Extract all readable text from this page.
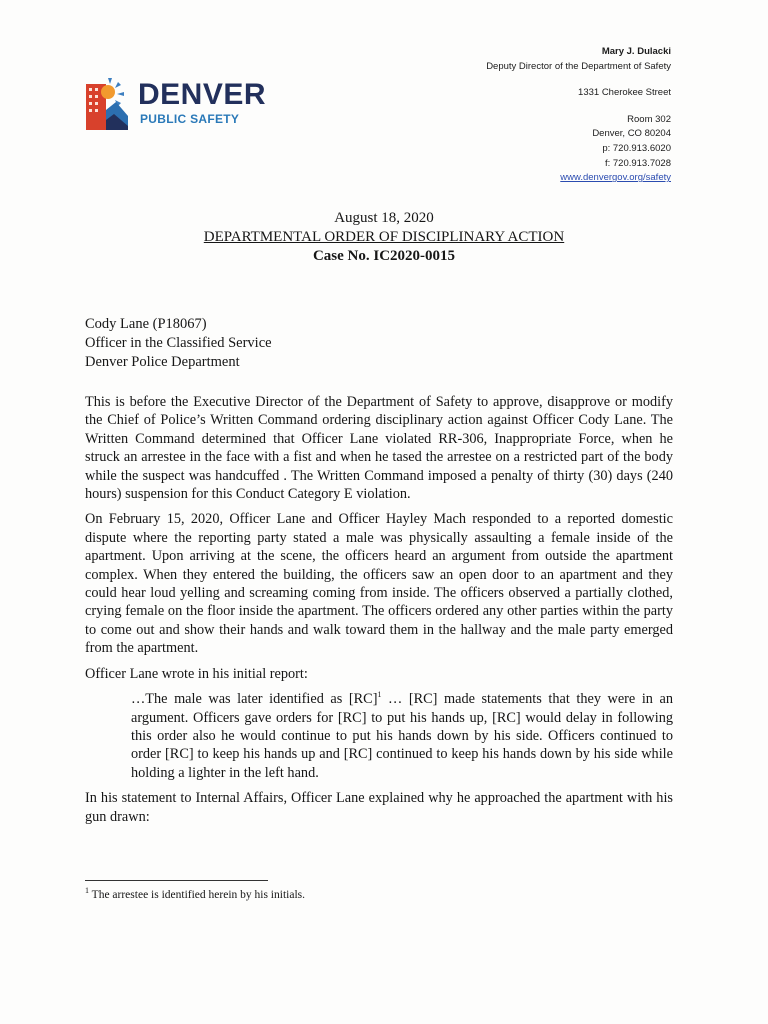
DENVER
PUBLIC SAFETY
Mary J. Dulacki
Deputy Director of the Department of Safety
1331 Cherokee Street
Room 302
Denver, CO 80204
p: 720.913.6020
f: 720.913.7028
www.denvergov.org/safety
August 18, 2020
DEPARTMENTAL ORDER OF DISCIPLINARY ACTION
Case No. IC2020-0015
Cody Lane (P18067)
Officer in the Classified Service
Denver Police Department

This is before the Executive Director of the Department of Safety to approve, disapprove or modify the Chief of Police’s Written Command ordering disciplinary action against Officer Cody Lane. The Written Command determined that Officer Lane violated RR-306, Inappropriate Force, when he struck an arrestee in the face with a fist and when he tased the arrestee on a restricted part of the body while the suspect was handcuffed . The Written Command imposed a penalty of thirty (30) days (240 hours) suspension for this Conduct Category E violation.

On February 15, 2020, Officer Lane and Officer Hayley Mach responded to a reported domestic dispute where the reporting party stated a male was physically assaulting a female inside of the apartment. Upon arriving at the scene, the officers heard an argument from outside the apartment complex. When they entered the building, the officers saw an open door to an apartment and they could hear loud yelling and screaming coming from inside. The officers observed a partially clothed, crying female on the floor inside the apartment. The officers ordered any other parties within the party to come out and show their hands and walk toward them in the hallway and the male party emerged from the apartment.

Officer Lane wrote in his initial report:

…The male was later identified as [RC]$^1$ … [RC] made statements that they were in an argument. Officers gave orders for [RC] to put his hands up, [RC] would delay in following this order also he would continue to put his hands down by his side. Officers continued to order [RC] to keep his hands up and [RC] continued to keep his hands down by his side while holding a lighter in the left hand.

In his statement to Internal Affairs, Officer Lane explained why he approached the apartment with his gun drawn:

$^1$ The arrestee is identified herein by his initials.
